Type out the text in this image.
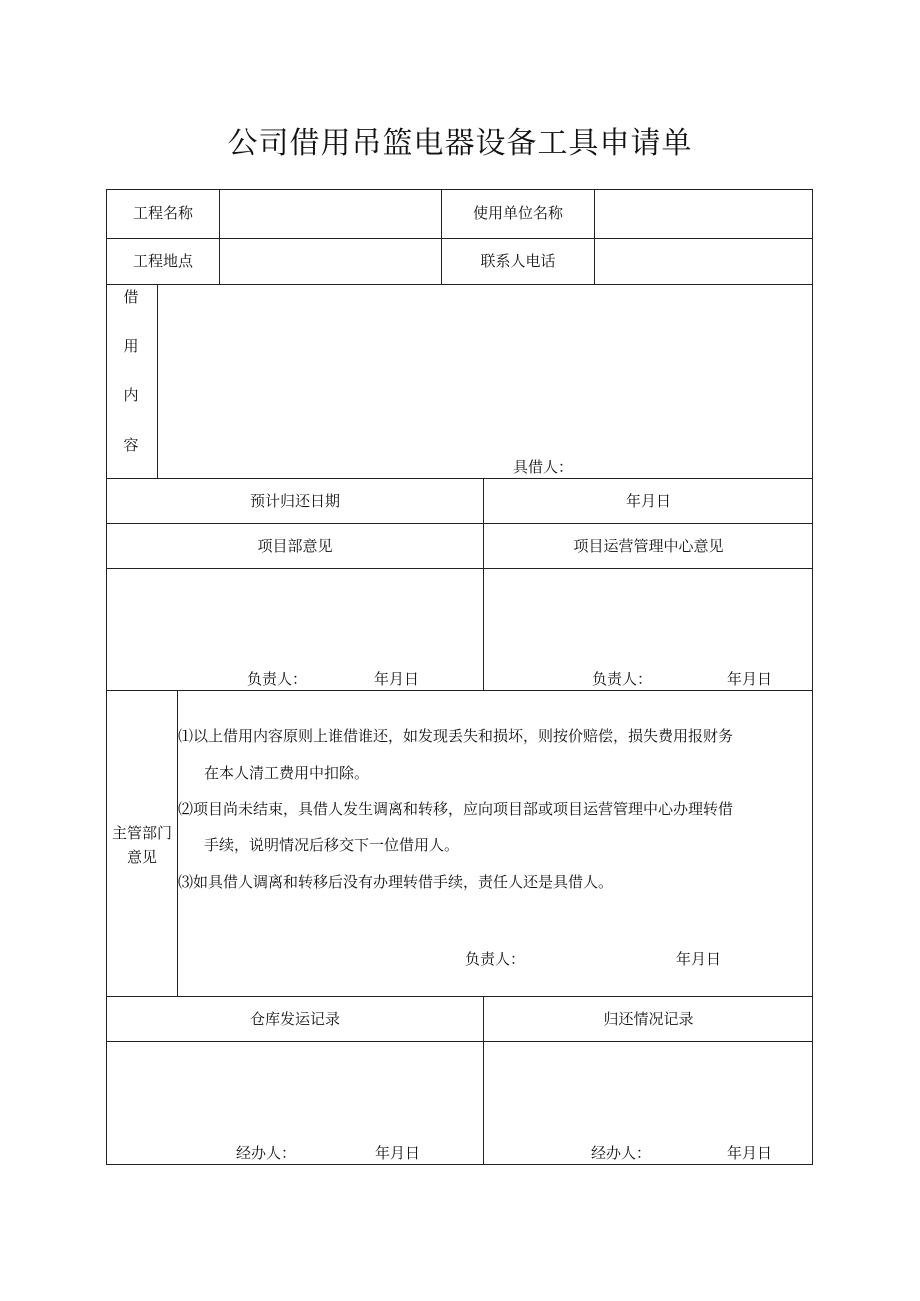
公司借用吊篮电器设备工具申请单
工程名称	使用单位名称
工程地点	联系人电话
借
用
内
容
具借人：
预计归还日期	年月日
项目部意见	项目运营管理中心意见
负责人：	年月日	负责人：	年月日
主管部门
意见
⑴以上借用内容原则上谁借谁还，如发现丢失和损坏，则按价赔偿，损失费用报财务
在本人清工费用中扣除。
⑵项目尚未结束，具借人发生调离和转移，应向项目部或项目运营管理中心办理转借
手续，说明情况后移交下一位借用人。
⑶如具借人调离和转移后没有办理转借手续，责任人还是具借人。
负责人：	年月日
仓库发运记录	归还情况记录
经办人：	年月日	经办人：	年月日
